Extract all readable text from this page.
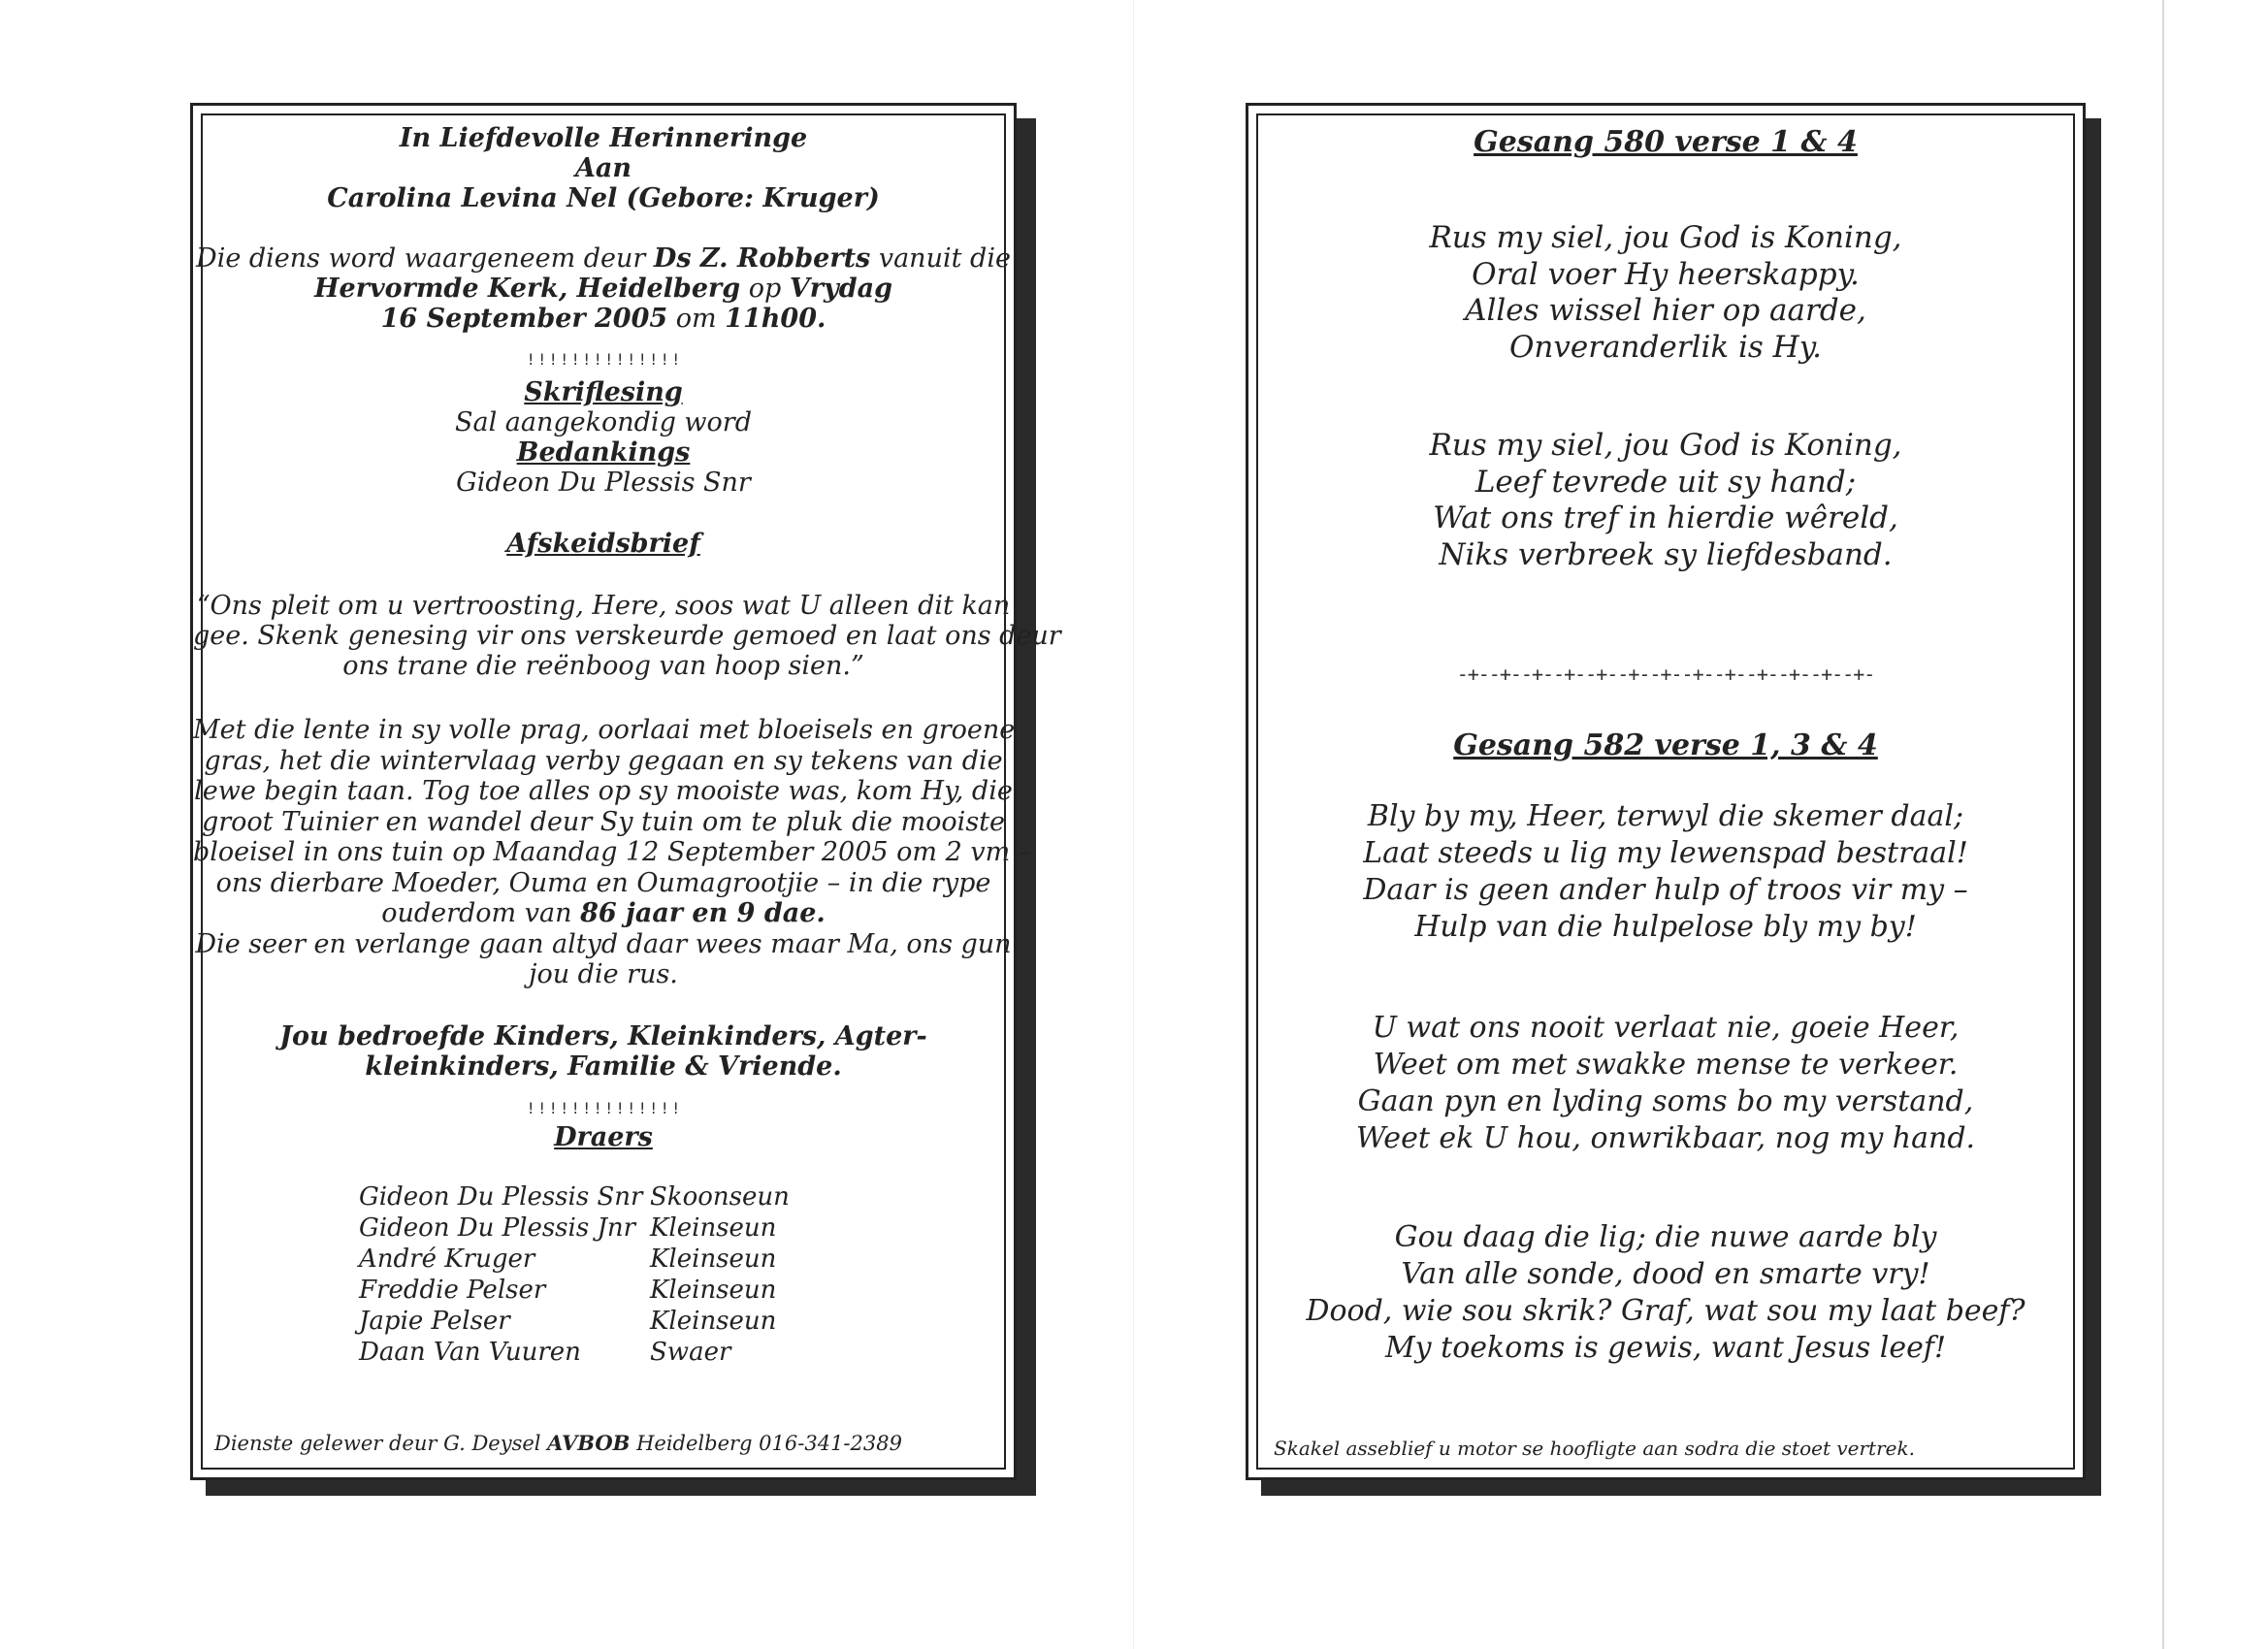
In Liefdevolle Herinneringe
Aan
Carolina Levina Nel (Gebore: Kruger)
Die diens word waargeneem deur Ds Z. Robberts vanuit die
Hervormde Kerk, Heidelberg op Vrydag
16 September 2005 om 11h00.
! ! ! ! ! ! ! ! ! ! ! ! ! !
Skriflesing
Sal aangekondig word
Bedankings
Gideon Du Plessis Snr
Afskeidsbrief
“Ons pleit om u vertroosting, Here, soos wat U alleen dit kan
gee. Skenk genesing vir ons verskeurde gemoed en laat ons deur
ons trane die reënboog van hoop sien.”
Met die lente in sy volle prag, oorlaai met bloeisels en groene
gras, het die wintervlaag verby gegaan en sy tekens van die
lewe begin taan. Tog toe alles op sy mooiste was, kom Hy, die
groot Tuinier en wandel deur Sy tuin om te pluk die mooiste
bloeisel in ons tuin op Maandag 12 September 2005 om 2 vm –
ons dierbare Moeder, Ouma en Oumagrootjie – in die rype
ouderdom van 86 jaar en 9 dae.
Die seer en verlange gaan altyd daar wees maar Ma, ons gun
jou die rus.
Jou bedroefde Kinders, Kleinkinders, Agter-
kleinkinders, Familie & Vriende.
! ! ! ! ! ! ! ! ! ! ! ! ! !
Draers
Dienste gelewer deur G. Deysel AVBOB Heidelberg 016-341-2389
Gideon Du Plessis Snr Skoonseun
Gideon Du Plessis Jnr Kleinseun
André Kruger	Kleinseun
Freddie Pelser	Kleinseun
Japie Pelser	Kleinseun
Daan Van Vuuren	Swaer
Gesang 580 verse 1 & 4
Rus my siel, jou God is Koning,
Oral voer Hy heerskappy.
Alles wissel hier op aarde,
Onveranderlik is Hy.
Rus my siel, jou God is Koning,
Leef tevrede uit sy hand;
Wat ons tref in hierdie wêreld,
Niks verbreek sy liefdesband.
-+--+--+--+--+--+--+--+--+--+--+--+--+-
Gesang 582 verse 1, 3 & 4
Bly by my, Heer, terwyl die skemer daal;
Laat steeds u lig my lewenspad bestraal!
Daar is geen ander hulp of troos vir my –
Hulp van die hulpelose bly my by!
U wat ons nooit verlaat nie, goeie Heer,
Weet om met swakke mense te verkeer.
Gaan pyn en lyding soms bo my verstand,
Weet ek U hou, onwrikbaar, nog my hand.
Gou daag die lig; die nuwe aarde bly
Van alle sonde, dood en smarte vry!
Dood, wie sou skrik? Graf, wat sou my laat beef?
My toekoms is gewis, want Jesus leef!
Skakel asseblief u motor se hoofligte aan sodra die stoet vertrek.
